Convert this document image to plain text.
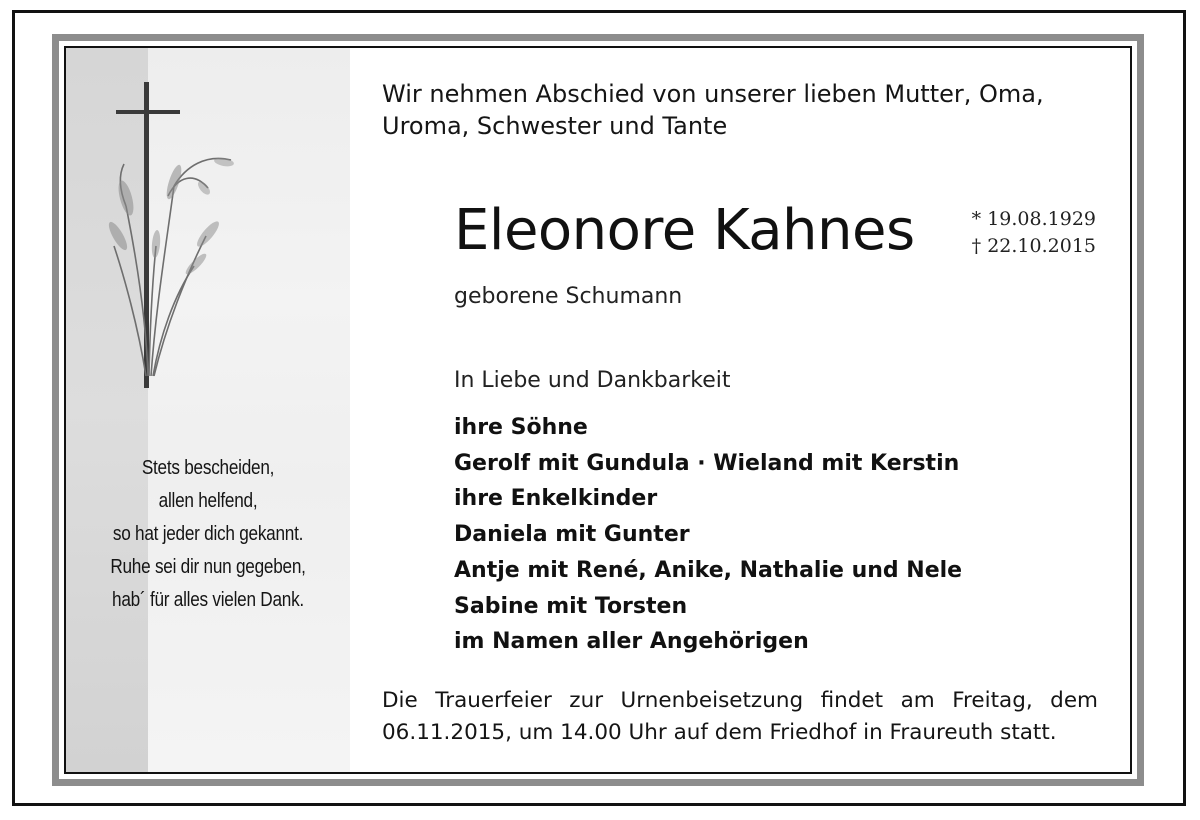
Stets bescheiden,
allen helfend,
so hat jeder dich gekannt.
Ruhe sei dir nun gegeben,
hab´ für alles vielen Dank.
Wir nehmen Abschied von unserer lieben Mutter, Oma, Uroma, Schwester und Tante
Eleonore Kahnes	* 19.08.1929
† 22.10.2015
geborene Schumann
In Liebe und Dankbarkeit
ihre Söhne
Gerolf mit Gundula · Wieland mit Kerstin
ihre Enkelkinder
Daniela mit Gunter
Antje mit René, Anike, Nathalie und Nele
Sabine mit Torsten
im Namen aller Angehörigen
Die Trauerfeier zur Urnenbeisetzung findet am Freitag, dem 06.11.2015, um 14.00 Uhr auf dem Friedhof in Fraureuth statt.
